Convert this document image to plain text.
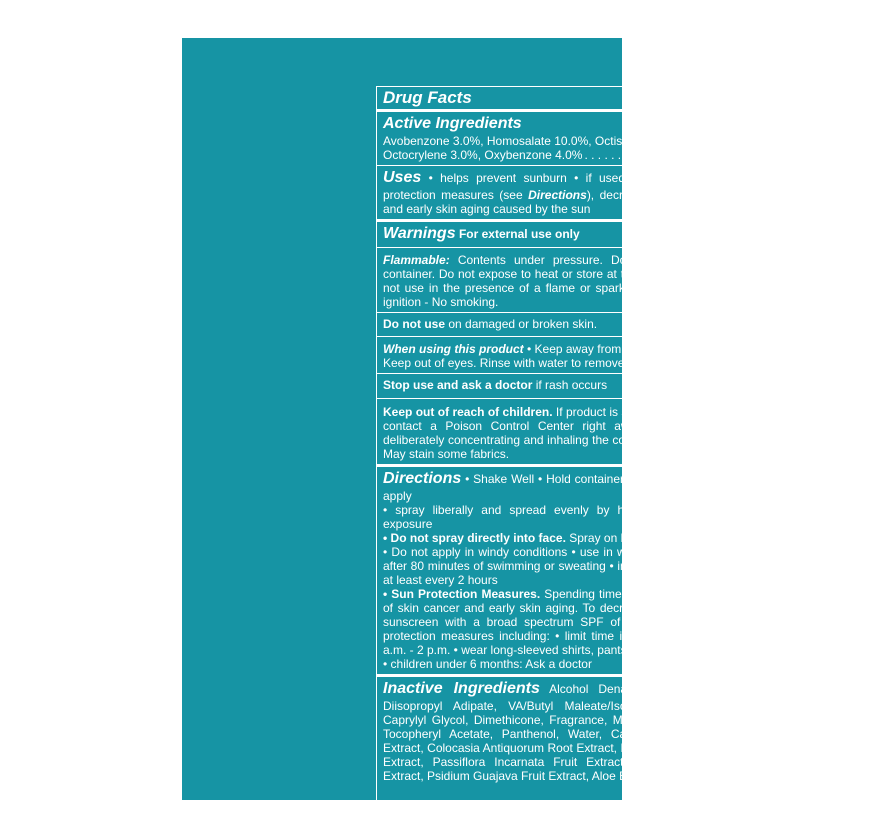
Drug Facts
Active Ingredients	Purpose
Avobenzone 3.0%, Homosalate 10.0%, Octisalate 5.0%,
Octocrylene 3.0%, Oxybenzone 4.0% . . . . . . . . . . . . . . . . . . . . . . . . . . . . . . . . . . . Sunscreen
Uses • helps prevent sunburn • if used as directed with other sun protection measures (see Directions), decreases the risk of skin cancer and early skin aging caused by the sun
Warnings For external use only
Flammable: Contents under pressure. Do not puncture or incinerate container. Do not expose to heat or store at temperatures above 120°F. Do not use in the presence of a flame or spark. Keep away from sources of ignition - No smoking.
Do not use on damaged or broken skin.
When using this product • Keep away from face to avoid breathing it • Keep out of eyes. Rinse with water to remove.
Stop use and ask a doctor if rash occurs
Keep out of reach of children. If product is swallowed, get medical help or contact a Poison Control Center right away. Intentional misuse by deliberately concentrating and inhaling the contents can be harmful or fatal. May stain some fabrics.
Directions • Shake Well • Hold container 4 to 6 inches from the skin to apply
• spray liberally and spread evenly by hand 15 minutes before sun exposure
• Do not spray directly into face. Spray on hands then apply to face.
• Do not apply in windy conditions • use in well-ventilated area • reapply: • after 80 minutes of swimming or sweating • immediately after towel drying • at least every 2 hours
• Sun Protection Measures. Spending time in the sun increases your risk of skin cancer and early skin aging. To decrease this risk, regularly use a sunscreen with a broad spectrum SPF of 15 or higher and other sun protection measures including: • limit time in the sun, especially from 10 a.m. - 2 p.m. • wear long-sleeved shirts, pants, hats, and sunglasses
• children under 6 months: Ask a doctor
Inactive Ingredients Alcohol Denat., Isobutane, Isododecane, Diisopropyl Adipate, VA/Butyl Maleate/Isobornyl Acrylate Copolymer, Caprylyl Glycol, Dimethicone, Fragrance, Mineral Oil, Ascorbyl Palmitate, Tocopheryl Acetate, Panthenol, Water, Carica Papaya (Papaya) Fruit Extract, Colocasia Antiquorum Root Extract, Mangifera Indica (Mango) Fruit Extract, Passiflora Incarnata Fruit Extract, Plumeria Acutifolia Flower Extract, Psidium Guajava Fruit Extract, Aloe Barbadensis Leaf Extract.
